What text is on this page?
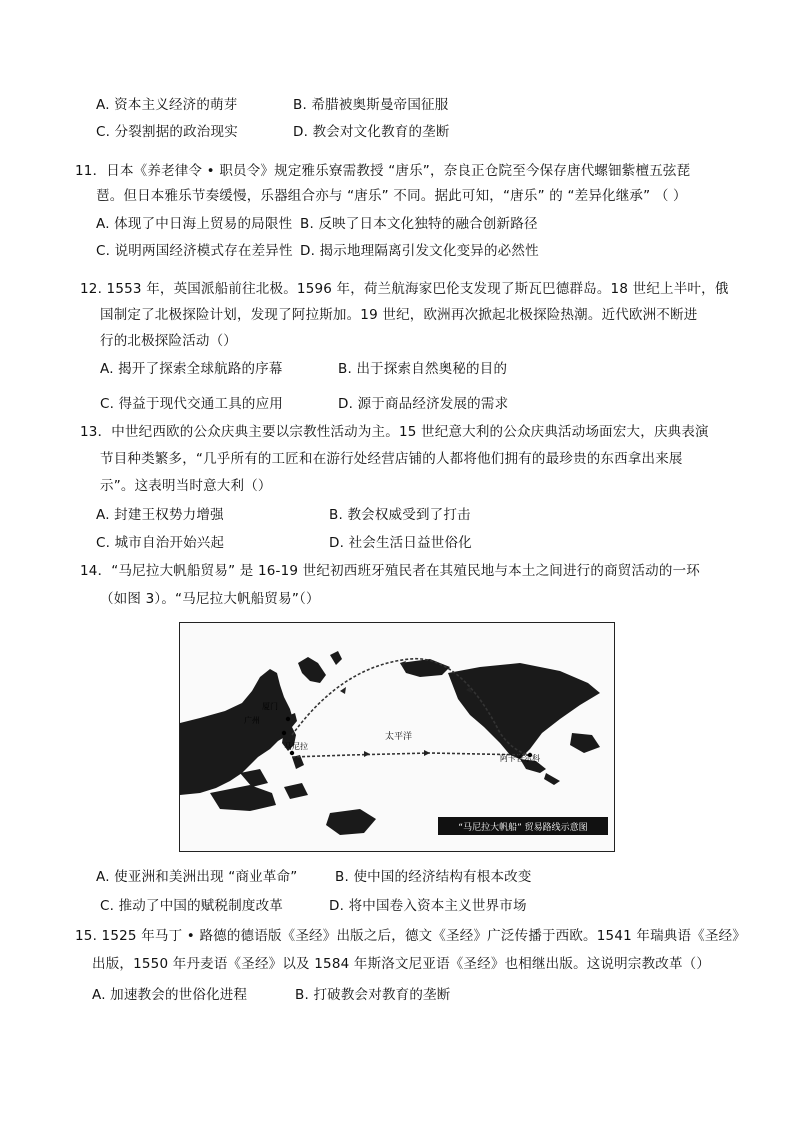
A. 资本主义经济的萌芽	B. 希腊被奥斯曼帝国征服
C. 分裂割据的政治现实	D. 教会对文化教育的垄断
11．日本《养老律令 • 职员令》规定雅乐寮需教授 “唐乐”，奈良正仓院至今保存唐代螺钿紫檀五弦琵
琶。但日本雅乐节奏缓慢，乐器组合亦与 “唐乐” 不同。据此可知，“唐乐” 的 “差异化继承” （ ）
A. 体现了中日海上贸易的局限性 B. 反映了日本文化独特的融合创新路径
C. 说明两国经济模式存在差异性 D. 揭示地理隔离引发文化变异的必然性
12. 1553 年，英国派船前往北极。1596 年，荷兰航海家巴伦支发现了斯瓦巴德群岛。18 世纪上半叶，俄
国制定了北极探险计划，发现了阿拉斯加。19 世纪，欧洲再次掀起北极探险热潮。近代欧洲不断进
行的北极探险活动（）
A. 揭开了探索全球航路的序幕	B. 出于探索自然奥秘的目的
C. 得益于现代交通工具的应用	D. 源于商品经济发展的需求
13．中世纪西欧的公众庆典主要以宗教性活动为主。15 世纪意大利的公众庆典活动场面宏大，庆典表演
节目种类繁多，“几乎所有的工匠和在游行处经营店铺的人都将他们拥有的最珍贵的东西拿出来展
示”。这表明当时意大利（）
A. 封建王权势力增强	B. 教会权威受到了打击
C. 城市自治开始兴起	D. 社会生活日益世俗化
14．“马尼拉大帆船贸易” 是 16-19 世纪初西班牙殖民者在其殖民地与本土之间进行的商贸活动的一环
（如图 3）。“马尼拉大帆船贸易”（）
广州
厦门
马尼拉
太平洋
阿卡普尔科
“马尼拉大帆船” 贸易路线示意图
A. 使亚洲和美洲出现 “商业革命”	B. 使中国的经济结构有根本改变
C. 推动了中国的赋税制度改革	D. 将中国卷入资本主义世界市场
15. 1525 年马丁 • 路德的德语版《圣经》出版之后，德文《圣经》广泛传播于西欧。1541 年瑞典语《圣经》
出版，1550 年丹麦语《圣经》以及 1584 年斯洛文尼亚语《圣经》也相继出版。这说明宗教改革（）
A. 加速教会的世俗化进程	B. 打破教会对教育的垄断
